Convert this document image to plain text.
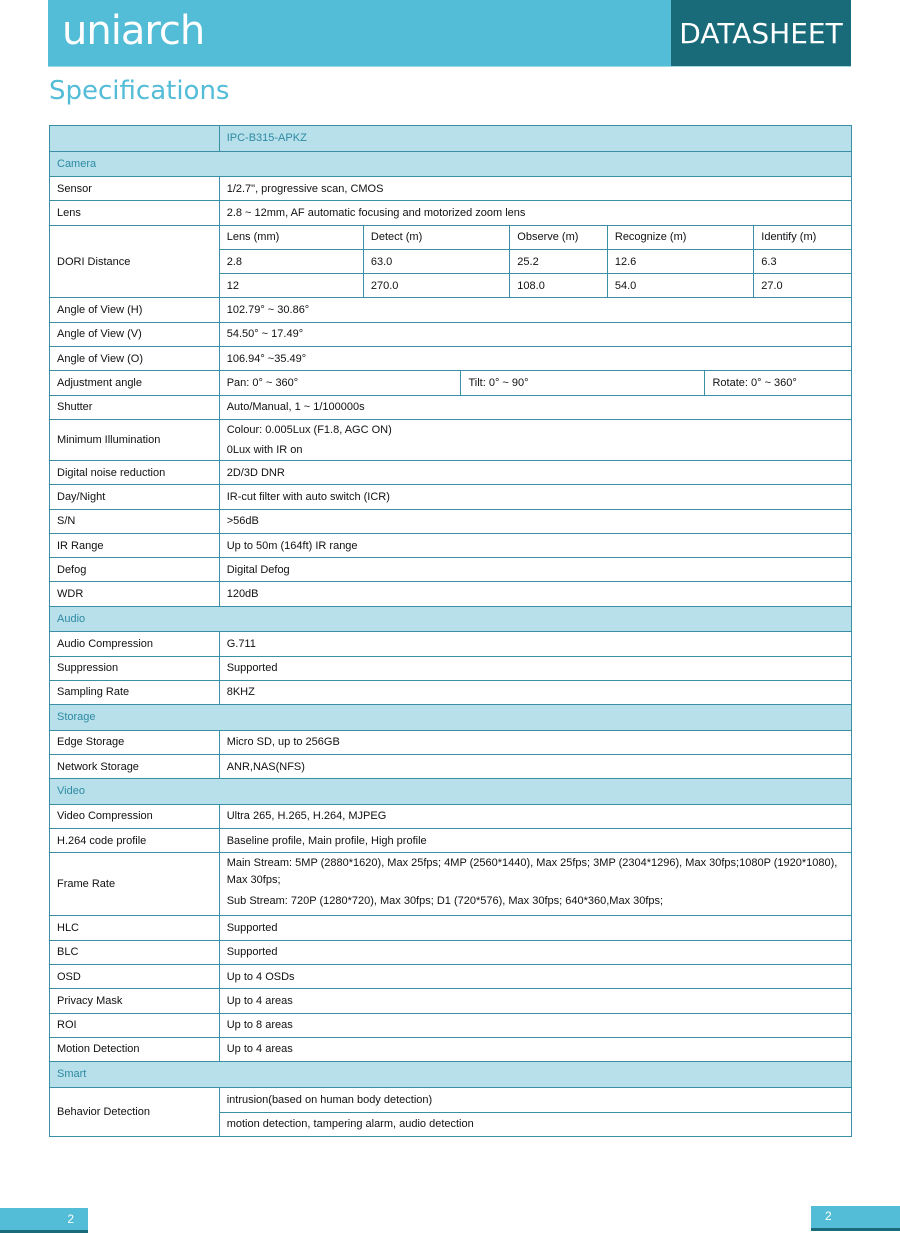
uniarch	DATASHEET
Specifications
	IPC-B315-APKZ						
Camera							
Sensor	1/2.7", progressive scan, CMOS						
Lens	2.8 ~ 12mm, AF automatic focusing and motorized zoom lens						
DORI Distance	Lens (mm)	Detect (m)		Observe (m)	Recognize (m)		Identify (m)
	2.8	63.0		25.2	12.6		6.3
	12	270.0		108.0	54.0		27.0
Angle of View (H)	102.79° ~ 30.86°						
Angle of View (V)	54.50° ~ 17.49°						
Angle of View (O)	106.94° ~35.49°						
Adjustment angle	Pan: 0° ~ 360°		Tilt: 0° ~ 90°			Rotate: 0° ~ 360°	
Shutter	Auto/Manual, 1 ~ 1/100000s						
Minimum Illumination	Colour: 0.005Lux (F1.8, AGC ON)
0Lux with IR on						

Digital noise reduction	2D/3D DNR						
Day/Night	IR-cut filter with auto switch (ICR)						
S/N	>56dB						
IR Range	Up to 50m (164ft) IR range						
Defog	Digital Defog						
WDR	120dB						
Audio							
Audio Compression	G.711						
Suppression	Supported						
Sampling Rate	8KHZ						
Storage							
Edge Storage	Micro SD, up to 256GB						
Network Storage	ANR,NAS(NFS)						
Video							
Video Compression	Ultra 265, H.265, H.264, MJPEG						
H.264 code profile	Baseline profile, Main profile, High profile						
Frame Rate	Main Stream: 5MP (2880*1620), Max 25fps; 4MP (2560*1440), Max 25fps; 3MP (2304*1296), Max 30fps;1080P (1920*1080), Max 30fps;
Sub Stream: 720P (1280*720), Max 30fps; D1 (720*576), Max 30fps; 640*360,Max 30fps;						

HLC	Supported						
BLC	Supported						
OSD	Up to 4 OSDs						
Privacy Mask	Up to 4 areas						
ROI	Up to 8 areas						
Motion Detection	Up to 4 areas						
Smart							
Behavior Detection	intrusion(based on human body detection)						
	motion detection, tampering alarm, audio detection						
2	2
